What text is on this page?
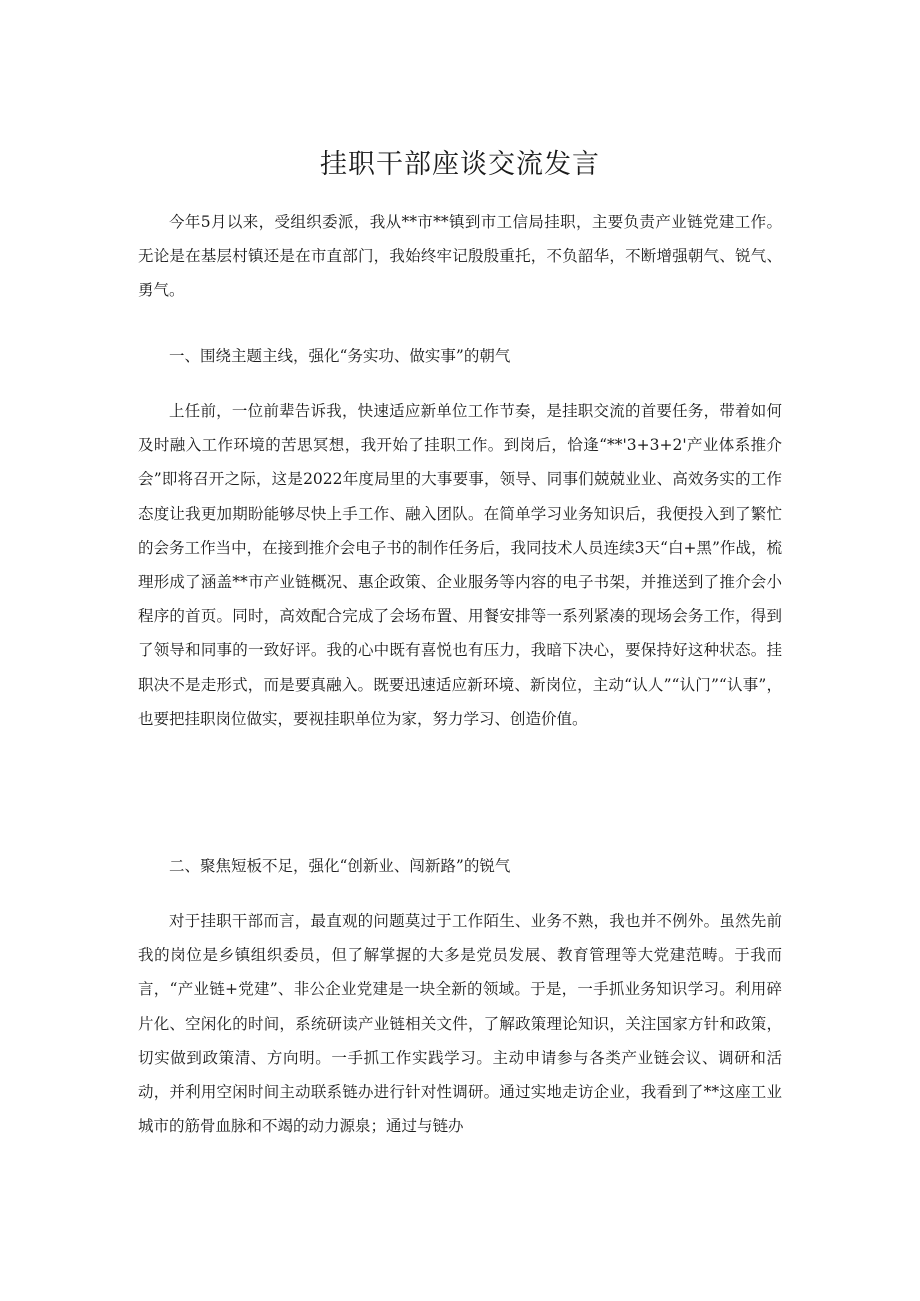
挂职干部座谈交流发言

今年5月以来，受组织委派，我从**市**镇到市工信局挂职，主要负责产业链党建工作。无论是在基层村镇还是在市直部门，我始终牢记殷殷重托，不负韶华，不断增强朝气、锐气、勇气。

一、围绕主题主线，强化“务实功、做实事”的朝气

上任前，一位前辈告诉我，快速适应新单位工作节奏，是挂职交流的首要任务，带着如何及时融入工作环境的苦思冥想，我开始了挂职工作。到岗后，恰逢“**'3+3+2'产业体系推介会”即将召开之际，这是2022年度局里的大事要事，领导、同事们兢兢业业、高效务实的工作态度让我更加期盼能够尽快上手工作、融入团队。在简单学习业务知识后，我便投入到了繁忙的会务工作当中，在接到推介会电子书的制作任务后，我同技术人员连续3天“白+黑”作战，梳理形成了涵盖**市产业链概况、惠企政策、企业服务等内容的电子书架，并推送到了推介会小程序的首页。同时，高效配合完成了会场布置、用餐安排等一系列紧凑的现场会务工作，得到了领导和同事的一致好评。我的心中既有喜悦也有压力，我暗下决心，要保持好这种状态。挂职决不是走形式，而是要真融入。既要迅速适应新环境、新岗位，主动“认人”“认门”“认事”，也要把挂职岗位做实，要视挂职单位为家，努力学习、创造价值。

二、聚焦短板不足，强化“创新业、闯新路”的锐气

对于挂职干部而言，最直观的问题莫过于工作陌生、业务不熟，我也并不例外。虽然先前我的岗位是乡镇组织委员，但了解掌握的大多是党员发展、教育管理等大党建范畴。于我而言，“产业链+党建”、非公企业党建是一块全新的领域。于是，一手抓业务知识学习。利用碎片化、空闲化的时间，系统研读产业链相关文件，了解政策理论知识，关注国家方针和政策，切实做到政策清、方向明。一手抓工作实践学习。主动申请参与各类产业链会议、调研和活动，并利用空闲时间主动联系链办进行针对性调研。通过实地走访企业，我看到了**这座工业城市的筋骨血脉和不竭的动力源泉；通过与链办
